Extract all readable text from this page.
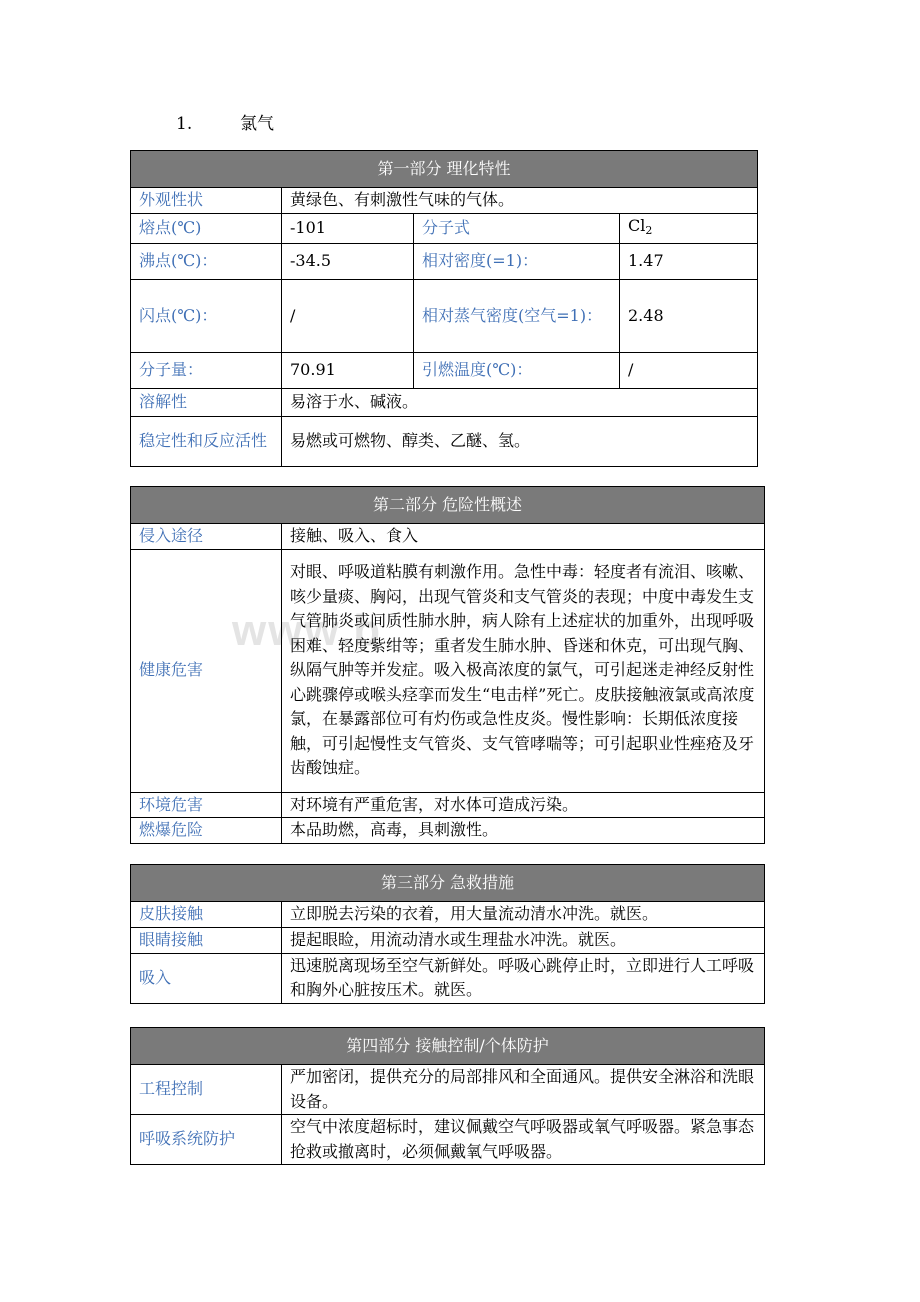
1.	氯气
www.b
第一部分 理化特性			
外观性状	黄绿色、有刺激性气味的气体。		
熔点(℃)	-101	分子式	$Cl_2$
沸点(℃)：	-34.5	相对密度(=1)：	1.47
闪点(℃)：	/	相对蒸气密度(空气=1)：	2.48
分子量：	70.91	引燃温度(℃)：	/
溶解性	易溶于水、碱液。		
稳定性和反应活性	易燃或可燃物、醇类、乙醚、氢。		
第二部分 危险性概述	
侵入途径	接触、吸入、食入
健康危害	对眼、呼吸道粘膜有刺激作用。急性中毒：轻度者有流泪、咳嗽、咳少量痰、胸闷，出现气管炎和支气管炎的表现；中度中毒发生支气管肺炎或间质性肺水肿，病人除有上述症状的加重外，出现呼吸困难、轻度紫绀等；重者发生肺水肿、昏迷和休克，可出现气胸、纵隔气肿等并发症。吸入极高浓度的氯气，可引起迷走神经反射性心跳骤停或喉头痉挛而发生“电击样”死亡。皮肤接触液氯或高浓度氯，在暴露部位可有灼伤或急性皮炎。慢性影响：长期低浓度接触，可引起慢性支气管炎、支气管哮喘等；可引起职业性痤疮及牙齿酸蚀症。
环境危害	对环境有严重危害，对水体可造成污染。
燃爆危险	本品助燃，高毒，具刺激性。
第三部分 急救措施	
皮肤接触	立即脱去污染的衣着，用大量流动清水冲洗。就医。
眼睛接触	提起眼睑，用流动清水或生理盐水冲洗。就医。
吸入	迅速脱离现场至空气新鲜处。呼吸心跳停止时，立即进行人工呼吸和胸外心脏按压术。就医。
第四部分 接触控制/个体防护	
工程控制	严加密闭，提供充分的局部排风和全面通风。提供安全淋浴和洗眼设备。
呼吸系统防护	空气中浓度超标时，建议佩戴空气呼吸器或氧气呼吸器。紧急事态抢救或撤离时，必须佩戴氧气呼吸器。
